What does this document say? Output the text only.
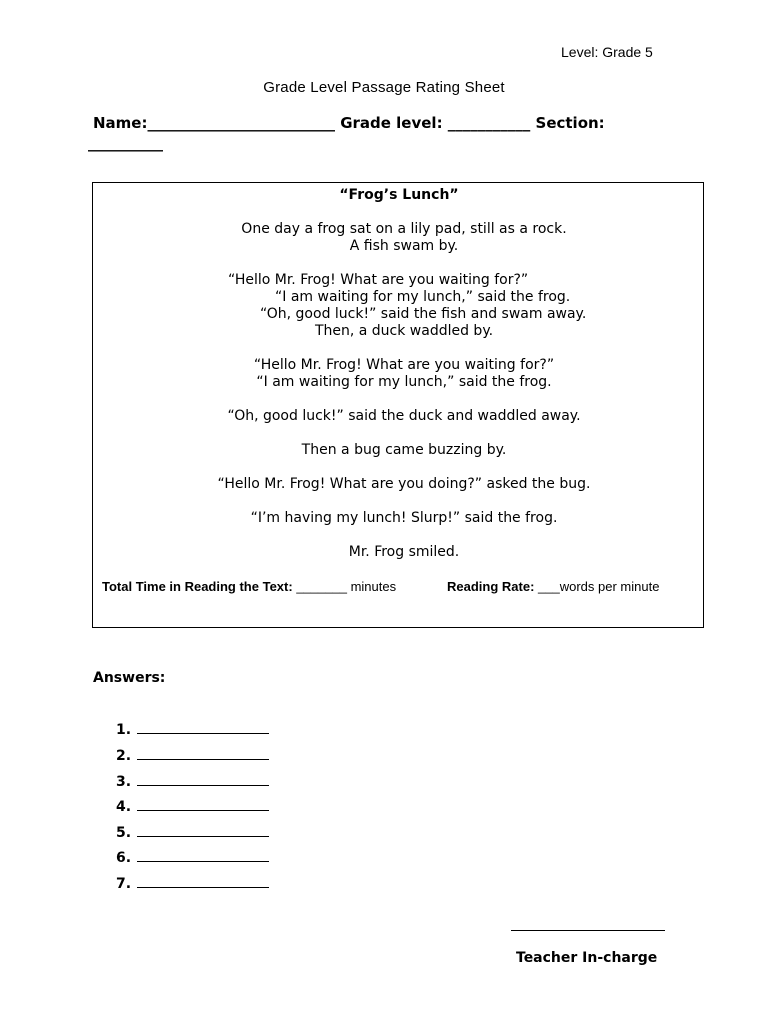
Level: Grade 5
Grade Level Passage Rating Sheet
Name:_________________________ Grade level: ___________ Section:
__________
“Frog’s Lunch”
One day a frog sat on a lily pad, still as a rock.
A fish swam by.
“Hello Mr. Frog! What are you waiting for?”
“I am waiting for my lunch,” said the frog.
“Oh, good luck!” said the fish and swam away.
Then, a duck waddled by.
“Hello Mr. Frog! What are you waiting for?”
“I am waiting for my lunch,” said the frog.
“Oh, good luck!” said the duck and waddled away.
Then a bug came buzzing by.
“Hello Mr. Frog! What are you doing?” asked the bug.
“I’m having my lunch! Slurp!” said the frog.
Mr. Frog smiled.
Total Time in Reading the Text: _______ minutes	Reading Rate: ___words per minute
Answers:
1.
2.
3.
4.
5.
6.
7.
Teacher In-charge
